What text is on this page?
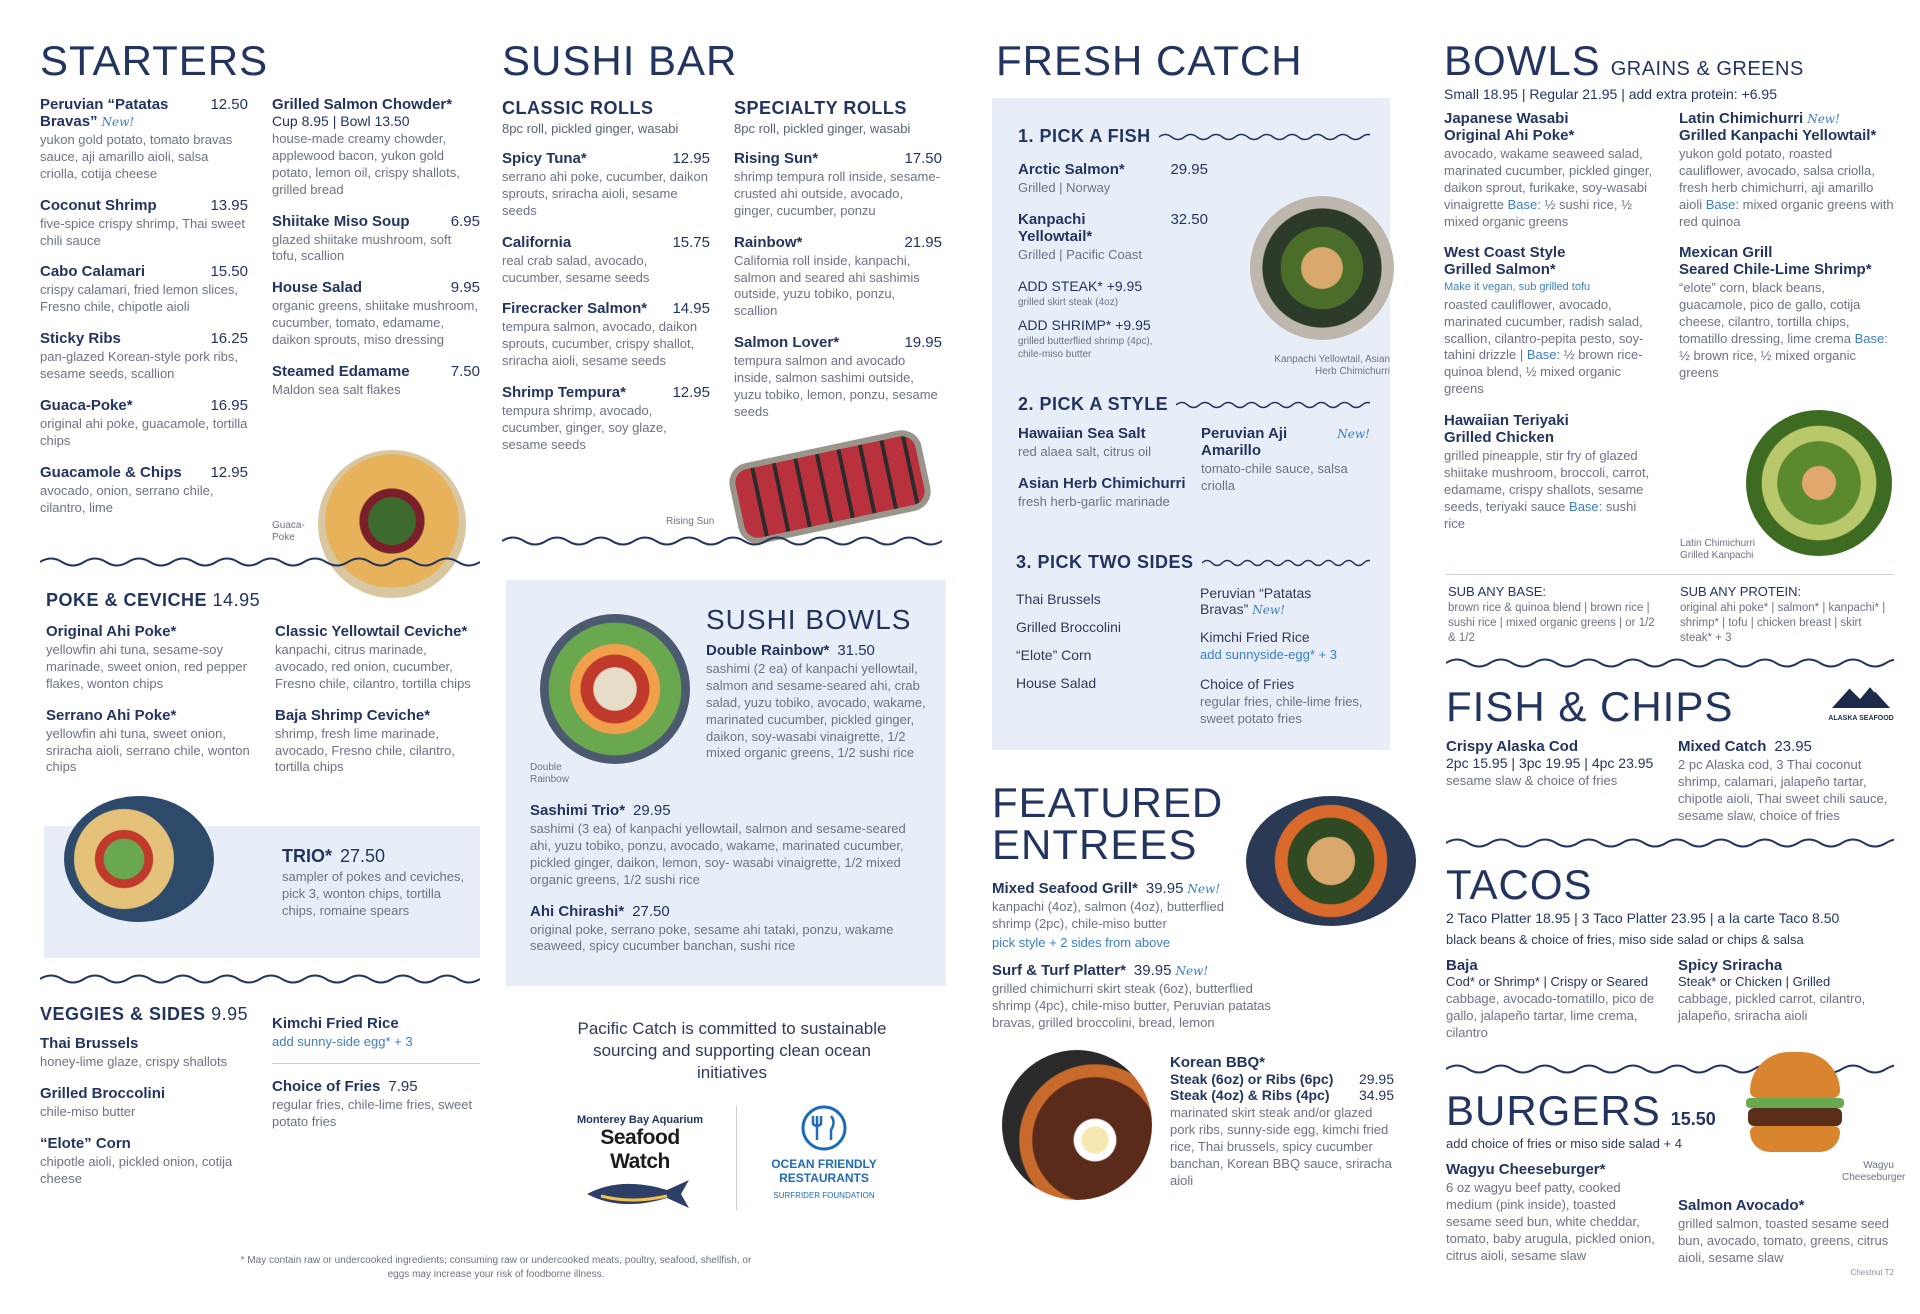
STARTERS
Peruvian “Patatas Bravas” New!
12.50
yukon gold potato, tomato bravas sauce, aji amarillo aioli, salsa criolla, cotija cheese
Coconut Shrimp	13.95
five-spice crispy shrimp, Thai sweet chili sauce
Cabo Calamari	15.50
crispy calamari, fried lemon slices, Fresno chile, chipotle aioli
Sticky Ribs	16.25
pan-glazed Korean-style pork ribs, sesame seeds, scallion
Guaca-Poke*	16.95
original ahi poke, guacamole, tortilla chips
Guacamole & Chips 12.95
avocado, onion, serrano chile, cilantro, lime
Grilled Salmon Chowder*
Cup 8.95 | Bowl 13.50
house-made creamy chowder, applewood bacon, yukon gold potato, lemon oil, crispy shallots, grilled bread
Shiitake Miso Soup	6.95
glazed shiitake mushroom, soft tofu, scallion
House Salad	9.95
organic greens, shiitake mushroom, cucumber, tomato, edamame, daikon sprouts, miso dressing
Steamed Edamame	7.50
Maldon sea salt flakes
Guaca-Poke
POKE & CEVICHE 14.95
Original Ahi Poke*
yellowfin ahi tuna, sesame-soy marinade, sweet onion, red pepper flakes, wonton chips
Serrano Ahi Poke*
yellowfin ahi tuna, sweet onion, sriracha aioli, serrano chile, wonton chips
Classic Yellowtail Ceviche*
kanpachi, citrus marinade, avocado, red onion, cucumber, Fresno chile, cilantro, tortilla chips
Baja Shrimp Ceviche*
shrimp, fresh lime marinade, avocado, Fresno chile, cilantro, tortilla chips
TRIO* 27.50
sampler of pokes and ceviches, pick 3, wonton chips, tortilla chips, romaine spears
VEGGIES & SIDES 9.95
Thai Brussels
honey-lime glaze, crispy shallots
Grilled Broccolini
chile-miso butter
“Elote” Corn
chipotle aioli, pickled onion, cotija cheese
Kimchi Fried Rice
add sunny-side egg* + 3
Choice of Fries 7.95
regular fries, chile-lime fries, sweet potato fries
* May contain raw or undercooked ingredients; consuming raw or undercooked meats, poultry, seafood, shellfish, or eggs may increase your risk of foodborne illness.
SUSHI BAR
CLASSIC ROLLS
8pc roll, pickled ginger, wasabi
Spicy Tuna*	12.95
serrano ahi poke, cucumber, daikon sprouts, sriracha aioli, sesame seeds
California	15.75
real crab salad, avocado, cucumber, sesame seeds
Firecracker Salmon* 14.95
tempura salmon, avocado, daikon sprouts, cucumber, crispy shallot, sriracha aioli, sesame seeds
Shrimp Tempura*	12.95
tempura shrimp, avocado, cucumber, ginger, soy glaze, sesame seeds
SPECIALTY ROLLS
8pc roll, pickled ginger, wasabi
Rising Sun*	17.50
shrimp tempura roll inside, sesame- crusted ahi outside, avocado, ginger, cucumber, ponzu
Rainbow*	21.95
California roll inside, kanpachi, salmon and seared ahi sashimis outside, yuzu tobiko, ponzu, scallion
Salmon Lover*	19.95
tempura salmon and avocado inside, salmon sashimi outside, yuzu tobiko, lemon, ponzu, sesame seeds
Rising Sun
Double Rainbow
SUSHI BOWLS
Double Rainbow* 31.50
sashimi (2 ea) of kanpachi yellowtail, salmon and sesame-seared ahi, crab salad, yuzu tobiko, avocado, wakame, marinated cucumber, pickled ginger, daikon, soy-wasabi vinaigrette, 1/2 mixed organic greens, 1/2 sushi rice
Sashimi Trio* 29.95
sashimi (3 ea) of kanpachi yellowtail, salmon and sesame-seared ahi, yuzu tobiko, ponzu, avocado, wakame, marinated cucumber, pickled ginger, daikon, lemon, soy- wasabi vinaigrette, 1/2 mixed organic greens, 1/2 sushi rice
Ahi Chirashi* 27.50
original poke, serrano poke, sesame ahi tataki, ponzu, wakame seaweed, spicy cucumber banchan, sushi rice
Pacific Catch is committed to sustainable sourcing and supporting clean ocean initiatives
Monterey Bay Aquarium
Seafood Watch	OCEAN FRIENDLY
RESTAURANTS
SURFRIDER FOUNDATION
FRESH CATCH
1. PICK A FISH
Arctic Salmon*	29.95
Grilled | Norway
Kanpachi Yellowtail*
32.50
Grilled | Pacific Coast
ADD STEAK* +9.95
grilled skirt steak (4oz)
ADD SHRIMP* +9.95
grilled butterflied shrimp (4pc), chile-miso butter	Kanpachi Yellowtail, Asian Herb Chimichurri
2. PICK A STYLE
Hawaiian Sea Salt
red alaea salt, citrus oil
Asian Herb Chimichurri
fresh herb-garlic marinade
Peruvian Aji Amarillo
New!
tomato-chile sauce, salsa criolla
3. PICK TWO SIDES
Thai Brussels
Grilled Broccolini
“Elote” Corn
House Salad
Peruvian “Patatas Bravas” New!
Kimchi Fried Rice
add sunnyside-egg* + 3
Choice of Fries
regular fries, chile-lime fries, sweet potato fries
FEATURED
ENTREES
Mixed Seafood Grill* 39.95 New!
kanpachi (4oz), salmon (4oz), butterflied shrimp (2pc), chile-miso butter
pick style + 2 sides from above
Surf & Turf Platter* 39.95 New!
grilled chimichurri skirt steak (6oz), butterflied shrimp (4pc), chile-miso butter, Peruvian patatas bravas, grilled broccolini, bread, lemon
Korean BBQ*
Steak (6oz) or Ribs (6pc) 29.95
Steak (4oz) & Ribs (4pc) 34.95
marinated skirt steak and/or glazed pork ribs, sunny-side egg, kimchi fried rice, Thai brussels, spicy cucumber banchan, Korean BBQ sauce, sriracha aioli
BOWLS GRAINS & GREENS
Small 18.95 | Regular 21.95 | add extra protein: +6.95
Japanese Wasabi
Original Ahi Poke*
avocado, wakame seaweed salad, marinated cucumber, pickled ginger, daikon sprout, furikake, soy-wasabi vinaigrette Base: ½ sushi rice, ½ mixed organic greens
West Coast Style
Grilled Salmon*
Make it vegan, sub grilled tofu
roasted cauliflower, avocado, marinated cucumber, radish salad, scallion, cilantro-pepita pesto, soy- tahini drizzle | Base: ½ brown rice-quinoa blend, ½ mixed organic greens
Hawaiian Teriyaki
Grilled Chicken
grilled pineapple, stir fry of glazed shiitake mushroom, broccoli, carrot, edamame, crispy shallots, sesame seeds, teriyaki sauce Base: sushi rice
Latin Chimichurri New!
Grilled Kanpachi Yellowtail*
yukon gold potato, roasted cauliflower, avocado, salsa criolla, fresh herb chimichurri, aji amarillo aioli Base: mixed organic greens with red quinoa
Mexican Grill
Seared Chile-Lime Shrimp*
“elote” corn, black beans, guacamole, pico de gallo, cotija cheese, cilantro, tortilla chips, tomatillo dressing, lime crema Base: ½ brown rice, ½ mixed organic greens
Latin Chimichurri Grilled Kanpachi
SUB ANY BASE:
brown rice & quinoa blend | brown rice | sushi rice | mixed organic greens | or 1/2 & 1/2
SUB ANY PROTEIN:
original ahi poke* | salmon* | kanpachi* | shrimp* | tofu | chicken breast | skirt steak* + 3
FISH & CHIPS
Crispy Alaska Cod
2pc 15.95 | 3pc 19.95 | 4pc 23.95
sesame slaw & choice of fries
Mixed Catch 23.95
2 pc Alaska cod, 3 Thai coconut shrimp, calamari, jalapeño tartar, chipotle aioli, Thai sweet chili sauce, sesame slaw, choice of fries
ALASKA SEAFOOD
TACOS
2 Taco Platter 18.95 | 3 Taco Platter 23.95 | a la carte Taco 8.50
black beans & choice of fries, miso side salad or chips & salsa
Baja
Cod* or Shrimp* | Crispy or Seared
cabbage, avocado-tomatillo, pico de gallo, jalapeño tartar, lime crema, cilantro
Spicy Sriracha
Steak* or Chicken | Grilled
cabbage, pickled carrot, cilantro, jalapeño, sriracha aioli
BURGERS 15.50
add choice of fries or miso side salad + 4
Wagyu Cheeseburger*
6 oz wagyu beef patty, cooked medium (pink inside), toasted sesame seed bun, white cheddar, tomato, baby arugula, pickled onion, citrus aioli, sesame slaw
Salmon Avocado*
grilled salmon, toasted sesame seed bun, avocado, tomato, greens, citrus aioli, sesame slaw
Wagyu Cheeseburger
Chestnut T2
